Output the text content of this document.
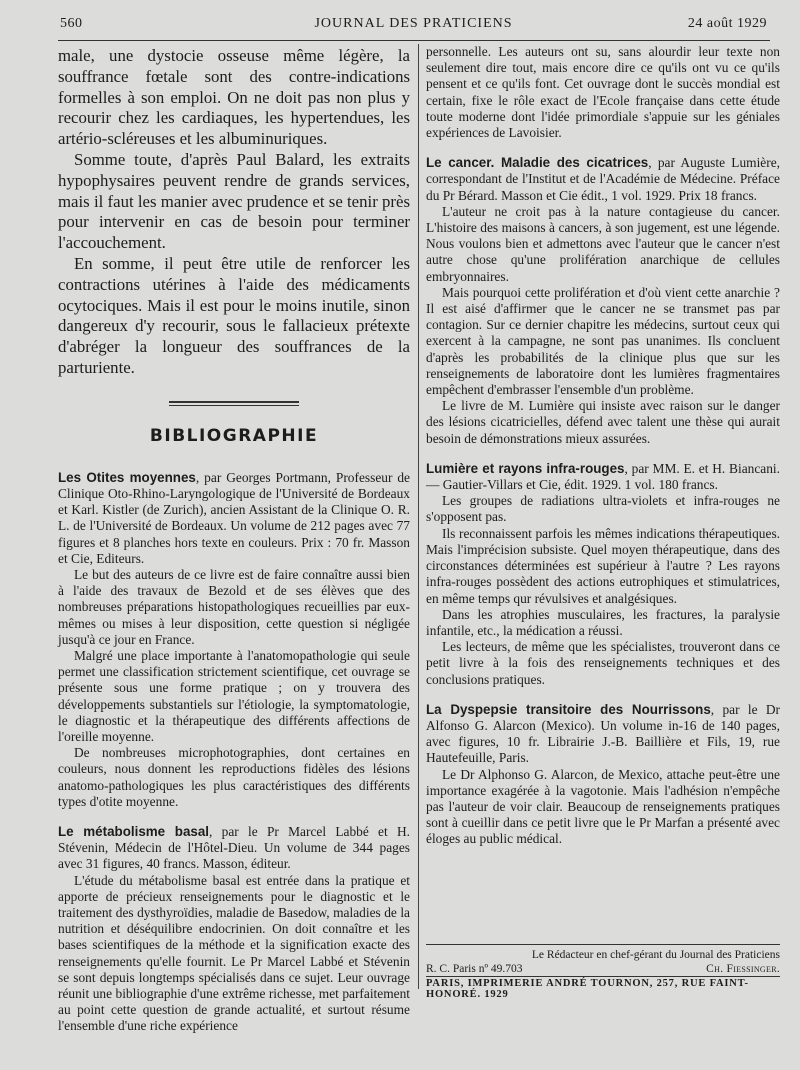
560	JOURNAL DES PRATICIENS	24 août 1929

male, une dystocie osseuse même légère, la souffrance fœtale sont des contre-indications formelles à son emploi. On ne doit pas non plus y recourir chez les cardiaques, les hypertendues, les artério-scléreuses et les albuminuriques.

Somme toute, d'après Paul Balard, les extraits hypophysaires peuvent rendre de grands services, mais il faut les manier avec prudence et se tenir près pour intervenir en cas de besoin pour terminer l'accouchement.

En somme, il peut être utile de renforcer les contractions utérines à l'aide des médicaments ocytociques. Mais il est pour le moins inutile, sinon dangereux d'y recourir, sous le fallacieux prétexte d'abréger la longueur des souffrances de la parturiente.

BIBLIOGRAPHIE

Les Otites moyennes, par Georges Portmann, Professeur de Clinique Oto-Rhino-Laryngologique de l'Université de Bordeaux et Karl. Kistler (de Zurich), ancien Assistant de la Clinique O. R. L. de l'Université de Bordeaux. Un volume de 212 pages avec 77 figures et 8 planches hors texte en couleurs. Prix : 70 fr. Masson et Cie, Editeurs.

Le but des auteurs de ce livre est de faire connaître aussi bien à l'aide des travaux de Bezold et de ses élèves que des nombreuses préparations histopathologiques recueillies par eux-mêmes ou mises à leur disposition, cette question si négligée jusqu'à ce jour en France.

Malgré une place importante à l'anatomopathologie qui seule permet une classification strictement scientifique, cet ouvrage se présente sous une forme pratique ; on y trouvera des développements substantiels sur l'étiologie, la symptomatologie, le diagnostic et la thérapeutique des différents affections de l'oreille moyenne.

De nombreuses microphotographies, dont certaines en couleurs, nous donnent les reproductions fidèles des lésions anatomo-pathologiques les plus caractéristiques des différents types d'otite moyenne.

Le métabolisme basal, par le Pr Marcel Labbé et H. Stévenin, Médecin de l'Hôtel-Dieu. Un volume de 344 pages avec 31 figures, 40 francs. Masson, éditeur.

L'étude du métabolisme basal est entrée dans la pratique et apporte de précieux renseignements pour le diagnostic et le traitement des dysthyroïdies, maladie de Basedow, maladies de la nutrition et déséquilibre endocrinien. On doit connaître et les bases scientifiques de la méthode et la signification exacte des renseignements qu'elle fournit. Le Pr Marcel Labbé et Stévenin se sont depuis longtemps spécialisés dans ce sujet. Leur ouvrage réunit une bibliographie d'une extrême richesse, met parfaitement au point cette question de grande actualité, et surtout résume l'ensemble d'une riche expérience

personnelle. Les auteurs ont su, sans alourdir leur texte non seulement dire tout, mais encore dire ce qu'ils ont vu ce qu'ils pensent et ce qu'ils font. Cet ouvrage dont le succès mondial est certain, fixe le rôle exact de l'Ecole française dans cette étude toute moderne dont l'idée primordiale s'appuie sur les géniales expériences de Lavoisier.

Le cancer. Maladie des cicatrices, par Auguste Lumière, correspondant de l'Institut et de l'Académie de Médecine. Préface du Pr Bérard. Masson et Cie édit., 1 vol. 1929. Prix 18 francs.

L'auteur ne croit pas à la nature contagieuse du cancer. L'histoire des maisons à cancers, à son jugement, est une légende. Nous voulons bien et admettons avec l'auteur que le cancer n'est autre chose qu'une prolifération anarchique de cellules embryonnaires.

Mais pourquoi cette prolifération et d'où vient cette anarchie ? Il est aisé d'affirmer que le cancer ne se transmet pas par contagion. Sur ce dernier chapitre les médecins, surtout ceux qui exercent à la campagne, ne sont pas unanimes. Ils concluent d'après les probabilités de la clinique plus que sur les renseignements de laboratoire dont les lumières fragmentaires empêchent d'embrasser l'ensemble d'un problème.

Le livre de M. Lumière qui insiste avec raison sur le danger des lésions cicatricielles, défend avec talent une thèse qui aurait besoin de démonstrations mieux assurées.

Lumière et rayons infra-rouges, par MM. E. et H. Biancani. — Gautier-Villars et Cie, édit. 1929. 1 vol. 180 francs.

Les groupes de radiations ultra-violets et infra-rouges ne s'opposent pas.

Ils reconnaissent parfois les mêmes indications thérapeutiques. Mais l'imprécision subsiste. Quel moyen thérapeutique, dans des circonstances déterminées est supérieur à l'autre ? Les rayons infra-rouges possèdent des actions eutrophiques et stimulatrices, en même temps qur révulsives et analgésiques.

Dans les atrophies musculaires, les fractures, la paralysie infantile, etc., la médication a réussi.

Les lecteurs, de même que les spécialistes, trouveront dans ce petit livre à la fois des renseignements techniques et des conclusions pratiques.

La Dyspepsie transitoire des Nourrissons, par le Dr Alfonso G. Alarcon (Mexico). Un volume in-16 de 140 pages, avec figures, 10 fr. Librairie J.-B. Baillière et Fils, 19, rue Hautefeuille, Paris.

Le Dr Alphonso G. Alarcon, de Mexico, attache peut-être une importance exagérée à la vagotonie. Mais l'adhésion n'empêche pas l'auteur de voir clair. Beaucoup de renseignements pratiques sont à cueillir dans ce petit livre que le Pr Marfan a présenté avec éloges au public médical.

Le Rédacteur en chef-gérant du Journal des Praticiens
R. C. Paris nº 49.703	Ch. Fiessinger.
PARIS, IMPRIMERIE ANDRÉ TOURNON, 257, RUE FAINT-HONORÉ. 1929
